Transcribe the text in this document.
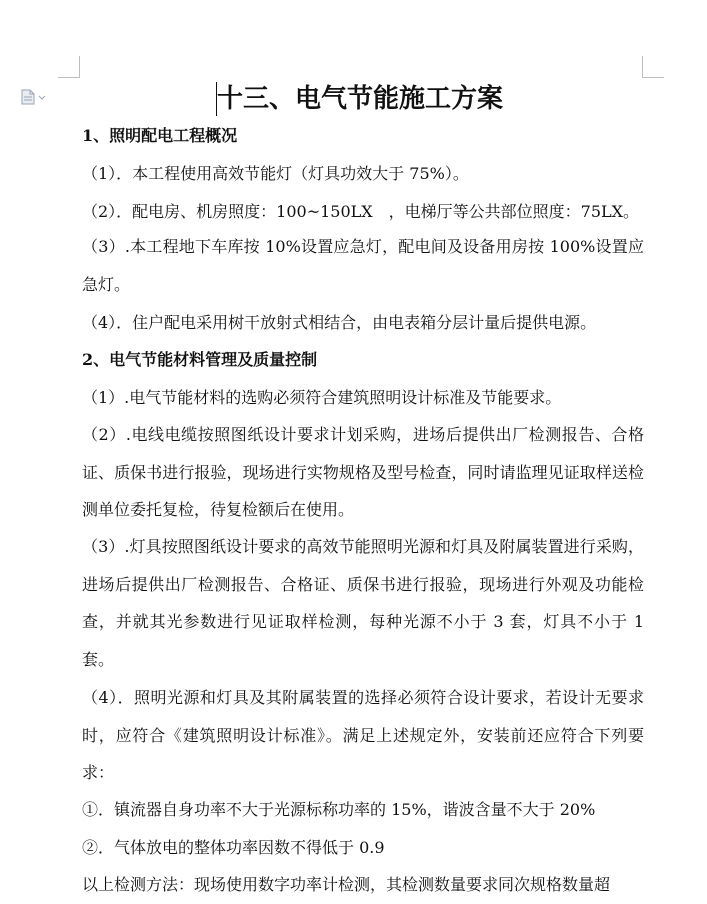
十三、电气节能施工方案
1、照明配电工程概况
（1）．本工程使用高效节能灯（灯具功效大于 75%）。
（2）．配电房、机房照度：100~150LX　，电梯厅等公共部位照度：75LX。
（3）.本工程地下车库按 10%设置应急灯，配电间及设备用房按 100%设置应急灯。
（4）．住户配电采用树干放射式相结合，由电表箱分层计量后提供电源。
2、电气节能材料管理及质量控制
（1）.电气节能材料的选购必须符合建筑照明设计标准及节能要求。
（2）.电线电缆按照图纸设计要求计划采购，进场后提供出厂检测报告、合格证、质保书进行报验，现场进行实物规格及型号检查，同时请监理见证取样送检测单位委托复检，待复检额后在使用。
（3）.灯具按照图纸设计要求的高效节能照明光源和灯具及附属装置进行采购，进场后提供出厂检测报告、合格证、质保书进行报验，现场进行外观及功能检查，并就其光参数进行见证取样检测，每种光源不小于 3 套，灯具不小于 1 套。
（4）．照明光源和灯具及其附属装置的选择必须符合设计要求，若设计无要求时，应符合《建筑照明设计标准》。满足上述规定外，安装前还应符合下列要求：
①．镇流器自身功率不大于光源标称功率的 15%，谐波含量不大于 20%
②．气体放电的整体功率因数不得低于 0.9
以上检测方法：现场使用数字功率计检测，其检测数量要求同次规格数量超
